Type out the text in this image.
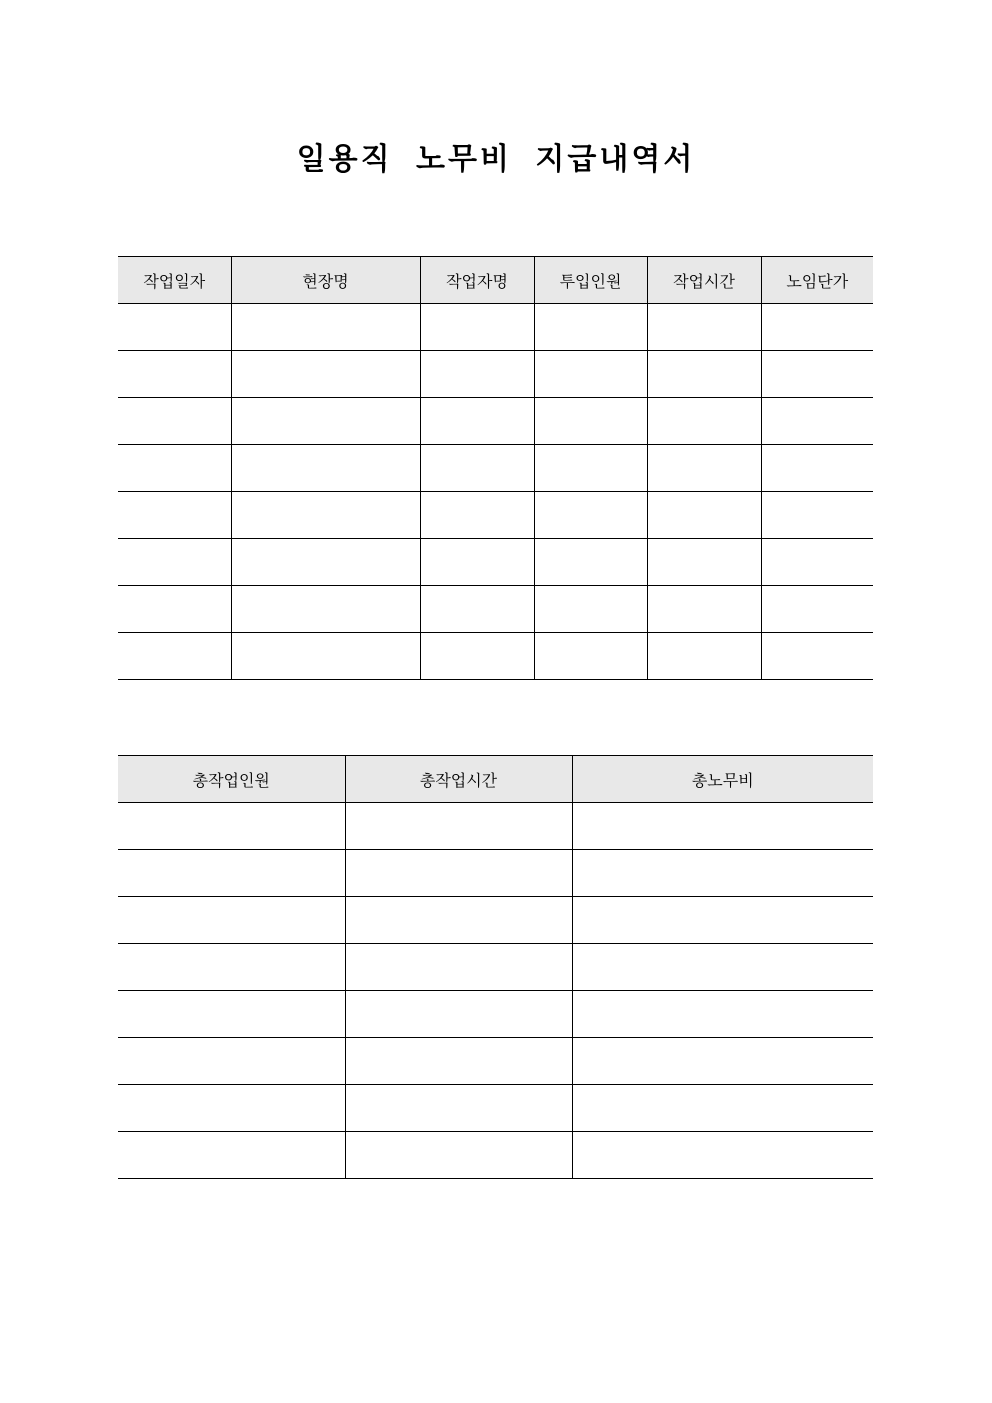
일용직 노무비 지급내역서
작업일자	현장명	작업자명	투입인원	작업시간	노임단가

총작업인원	총작업시간	총노무비
